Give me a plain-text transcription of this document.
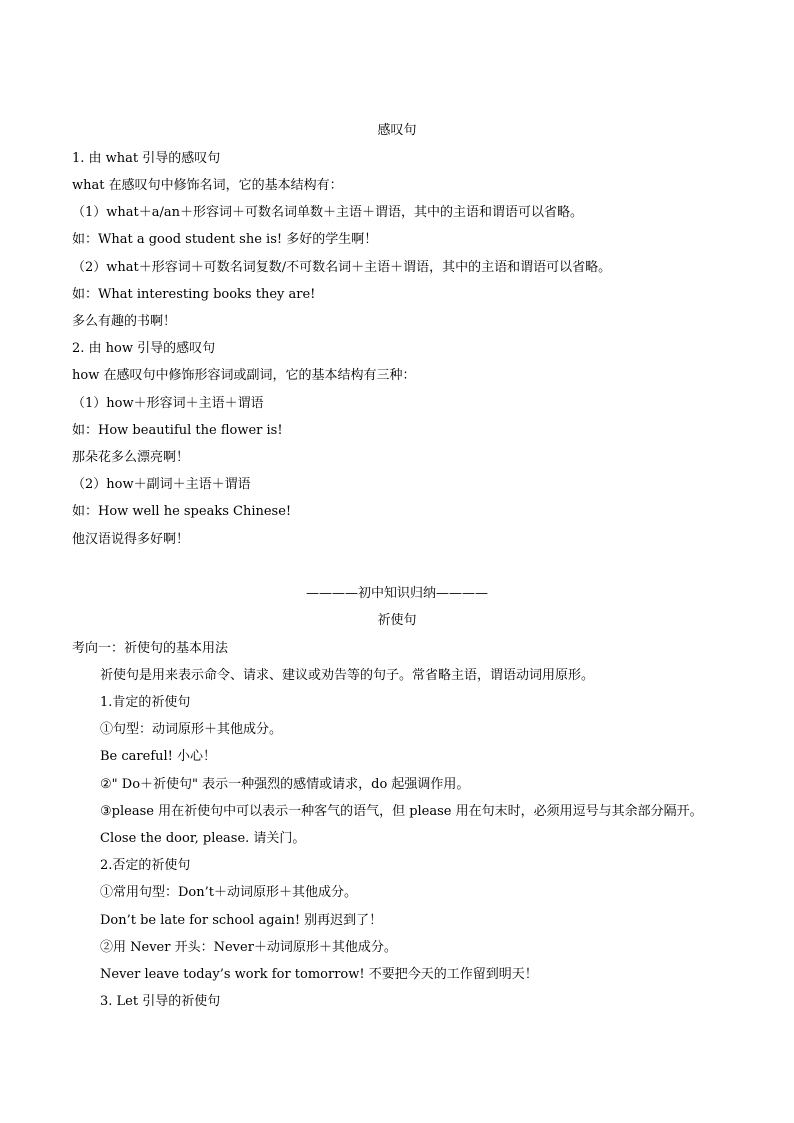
感叹句
1. 由 what 引导的感叹句
what 在感叹句中修饰名词，它的基本结构有：
（1）what＋a/an＋形容词＋可数名词单数＋主语＋谓语，其中的主语和谓语可以省略。
如：What a good student she is! 多好的学生啊！
（2）what＋形容词＋可数名词复数/不可数名词＋主语＋谓语，其中的主语和谓语可以省略。
如：What interesting books they are!
多么有趣的书啊！
2. 由 how 引导的感叹句
how 在感叹句中修饰形容词或副词，它的基本结构有三种：
（1）how＋形容词＋主语＋谓语
如：How beautiful the flower is!
那朵花多么漂亮啊！
（2）how＋副词＋主语＋谓语
如：How well he speaks Chinese!
他汉语说得多好啊！
————初中知识归纳————
祈使句
考向一：祈使句的基本用法
祈使句是用来表示命令、请求、建议或劝告等的句子。常省略主语，谓语动词用原形。
1.肯定的祈使句
①句型：动词原形＋其他成分。
Be careful! 小心！
②" Do＋祈使句" 表示一种强烈的感情或请求，do 起强调作用。
③please 用在祈使句中可以表示一种客气的语气，但 please 用在句末时，必须用逗号与其余部分隔开。
Close the door, please. 请关门。
2.否定的祈使句
①常用句型：Don’t＋动词原形＋其他成分。
Don’t be late for school again! 别再迟到了！
②用 Never 开头：Never＋动词原形＋其他成分。
Never leave today’s work for tomorrow! 不要把今天的工作留到明天！
3. Let 引导的祈使句
